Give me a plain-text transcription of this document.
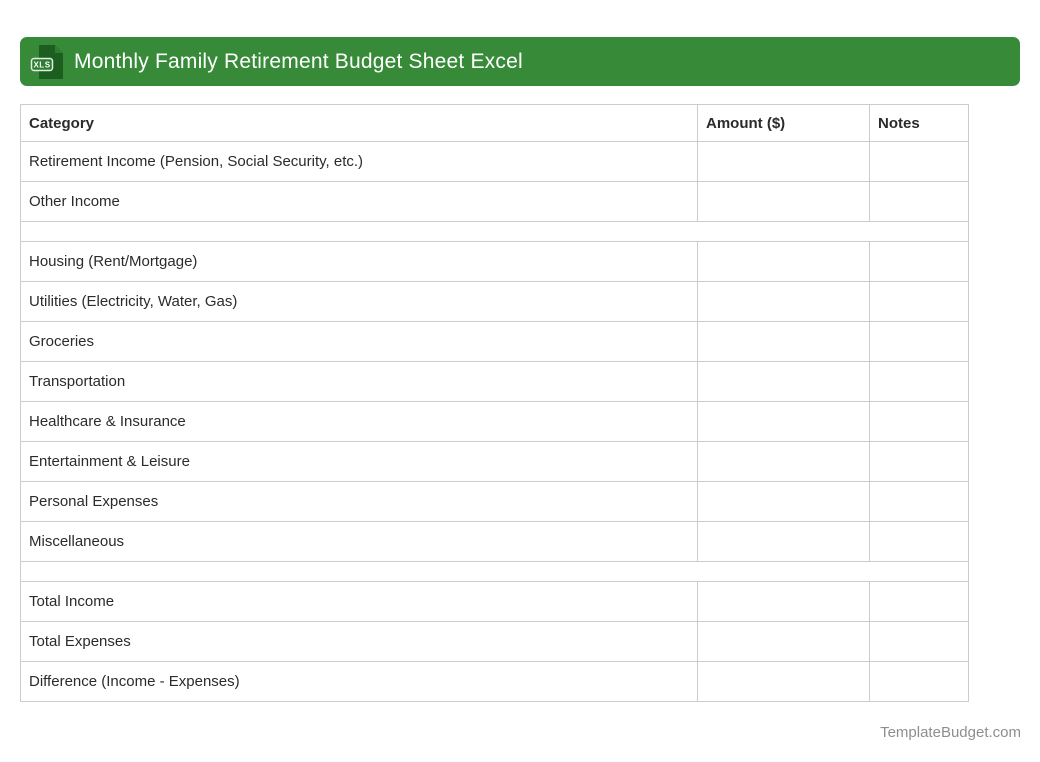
XLS Monthly Family Retirement Budget Sheet Excel
Category	Amount ($)	Notes
Retirement Income (Pension, Social Security, etc.)		
Other Income		

Housing (Rent/Mortgage)		
Utilities (Electricity, Water, Gas)		
Groceries		
Transportation		
Healthcare & Insurance		
Entertainment & Leisure		
Personal Expenses		
Miscellaneous		

Total Income		
Total Expenses		
Difference (Income - Expenses)		
TemplateBudget.com
